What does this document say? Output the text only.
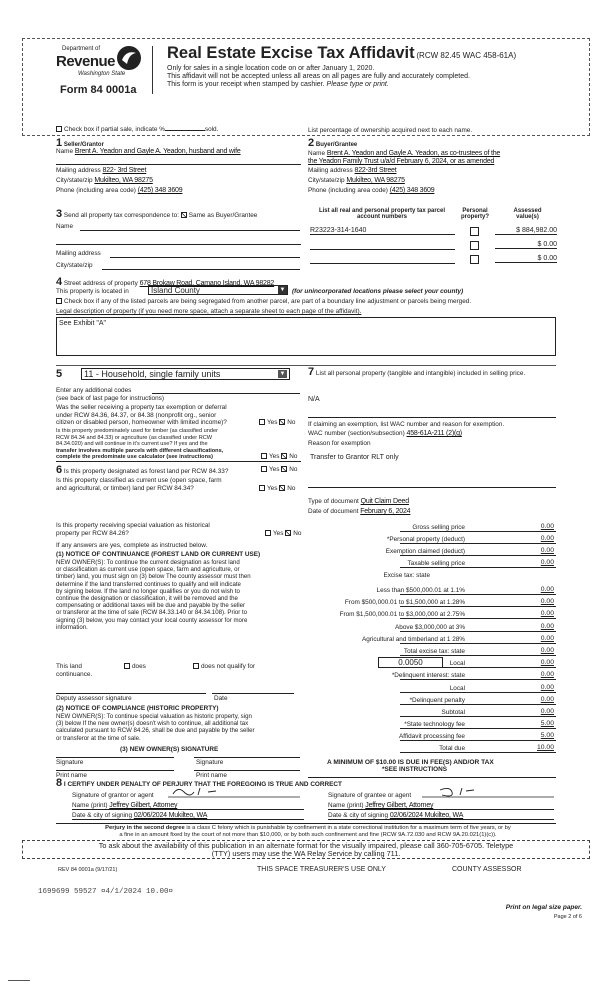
Department of
Revenue
Washington State
Form 84 0001a
Real Estate Excise Tax Affidavit (RCW 82.45 WAC 458-61A)
Only for sales in a single location code on or after January 1, 2020.
This affidavit will not be accepted unless all areas on all pages are fully and accurately completed.
This form is your receipt when stamped by cashier. Please type or print.
Check box if partial sale, indicate %	sold.	List percentage of ownership acquired next to each name.
1 Seller/Grantor
Name Brent A. Yeadon and Gayle A. Yeadon, husband and wife
Mailing address 822- 3rd Street
City/state/zip Mukilteo, WA 98275
Phone (including area code) (425) 348 3609
2 Buyer/Grantee
Name Brent A. Yeadon and Gayle A. Yeadon, as co-trustees of the
the Yeadon Family Trust u/a/d February 6, 2024, or as amended
Mailing address 822-3rd Street
City/state/zip Mukilteo, WA 98275
Phone (including area code) (425) 348 3609
3 Send all property tax correspondence to: Same as Buyer/Grantee
Name
Mailing address
City/state/zip
List all real and personal property tax parcel account numbers
Personal property?
Assessed value(s)
R23223-314-1640	$ 884,982.00
$ 0.00
$ 0.00
4 Street address of property 678 Brokaw Road, Camano Island, WA 98282
This property is located in	Island County	▼ (for unincorporated locations please select your county)
Check box if any of the listed parcels are being segregated from another parcel, are part of a boundary line adjustment or parcels being merged.
Legal description of property (if you need more space, attach a separate sheet to each page of the affidavit).
See Exhibit "A"
5	11 - Household, single family units	▼
Enter any additional codes
(see back of last page for instructions)
Was the seller receiving a property tax exemption or deferral
under RCW 84.36, 84.37, or 84.38 (nonprofit org., senior
citizen or disabled person, homeowner with limited income)?	Yes No
Is this property predominately used for timber (as classified under
RCW 84.34 and 84.33) or agriculture (as classified under RCW
84.34.020) and will continue in it's current use? If yes and the
transfer involves multiple parcels with different classifications,
complete the predominate use calculator (see instructions)	Yes No
6 Is this property designated as forest land per RCW 84.33?	Yes No
Is this property classified as current use (open space, farm
and agricultural, or timber) land per RCW 84.34?	Yes No
Is this property receiving special valuation as historical
property per RCW 84.26?	Yes No
If any answers are yes, complete as instructed below.
(1) NOTICE OF CONTINUANCE (FOREST LAND OR CURRENT USE)
NEW OWNER(S): To continue the current designation as forest land
or classification as current use (open space, farm and agriculture, or
timber) land, you must sign on (3) below The county assessor must then
determine if the land transferred continues to qualify and will indicate
by signing below. If the land no longer qualifies or you do not wish to
continue the designation or classification, it will be removed and the
compensating or additional taxes will be due and payable by the seller
or transferor at the time of sale (RCW 84.33.140 or 84.34.108). Prior to
signing (3) below, you may contact your local county assessor for more
information.
This land	does	does not qualify for
continuance.
Deputy assessor signature	Date
(2) NOTICE OF COMPLIANCE (HISTORIC PROPERTY)
NEW OWNER(S): To continue special valuation as historic property, sign
(3) below If the new owner(s) doesn't wish to continue, all additional tax
calculated pursuant to RCW 84.26, shall be due and payable by the seller
or transferor at the time of sale.
(3) NEW OWNER(S) SIGNATURE
Signature	Signature
Print name	Print name
7 List all personal property (tangible and intangible) included in selling price.
N/A
If claiming an exemption, list WAC number and reason for exemption.
WAC number (section/subsection) 458-61A-211 (2)(g)
Reason for exemption
Transfer to Grantor RLT only
Type of document Quit Claim Deed
Date of document February 6, 2024
Gross selling price	0.00
*Personal property (deduct)	0.00
Exemption claimed (deduct)	0.00
Taxable selling price	0.00
Excise tax: state
Less than $500,000.01 at 1.1%	0.00
From $500,000.01 to $1,500,000 at 1.28%	0.00
From $1,500,000.01 to $3,000,000 at 2.75%	0.00
Above $3,000,000 at 3%	0.00
Agricultural and timberland at 1 28%	0.00
Total excise tax: state	0.00
Local	0.00
*Delinquent interest: state	0.00
Local	0.00
*Delinquent penalty	0.00
Subtotal	0.00
*State technology fee	5.00
Affidavit processing fee	5.00
Total due	10.00
0.0050
A MINIMUM OF $10.00 IS DUE IN FEE(S) AND/OR TAX
*SEE INSTRUCTIONS
8 I CERTIFY UNDER PENALTY OF PERJURY THAT THE FOREGOING IS TRUE AND CORRECT
Signature of grantor or agent	Signature of grantee or agent
Name (print) Jeffrey Gilbert, Attorney	Name (print) Jeffrey Gilbert, Attorney
Date & city of signing 02/06/2024 Mukilteo, WA	Date & city of signing 02/06/2024 Mukilteo, WA
Perjury in the second degree is a class C felony which is punishable by confinement in a state correctional institution for a maximum term of five years, or by
a fine in an amount fixed by the court of not more than $10,000, or by both such confinement and fine (RCW 9A.72.030 and RCW 9A.20.021(1)(c)).
To ask about the availability of this publication in an alternate format for the visually impaired, please call 360-705-6705. Teletype
(TTY) users may use the WA Relay Service by calling 711.
REV 84 0001a (9/17/21)	THIS SPACE TREASURER'S USE ONLY	COUNTY ASSESSOR
1699699 59527 ¤4/1/2024 10.00¤
Print on legal size paper.
Page 2 of 6
